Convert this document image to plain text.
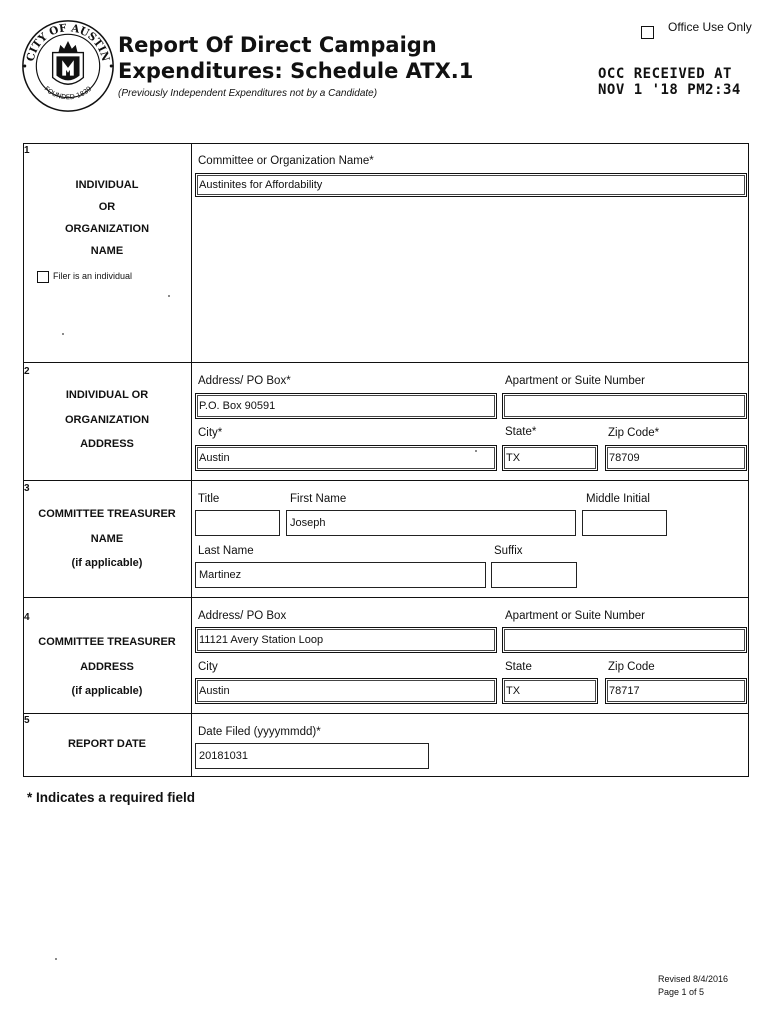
CITY OF AUSTIN
FOUNDED 1839
Report Of Direct Campaign
Expenditures: Schedule ATX.1
(Previously Independent Expenditures not by a Candidate)
Office Use Only
OCC RECEIVED AT
NOV 1 '18 PM2:34
1
INDIVIDUAL
OR
ORGANIZATION
NAME
Filer is an individual
Committee or Organization Name*
Austinites for Affordability
2
INDIVIDUAL OR
ORGANIZATION
ADDRESS
Address/ PO Box*
P.O. Box 90591
Apartment or Suite Number
City*
Austin
State*
TX
Zip Code*
78709
3
COMMITTEE TREASURER
NAME
(if applicable)
Title	First Name
Joseph
Middle Initial
Last Name
Martinez
Suffix
4
COMMITTEE TREASURER
ADDRESS
(if applicable)
Address/ PO Box
11121 Avery Station Loop
Apartment or Suite Number
City
Austin
State
TX
Zip Code
78717
5
REPORT DATE
Date Filed (yyyymmdd)*
20181031
* Indicates a required field
Revised 8/4/2016
Page 1 of 5
